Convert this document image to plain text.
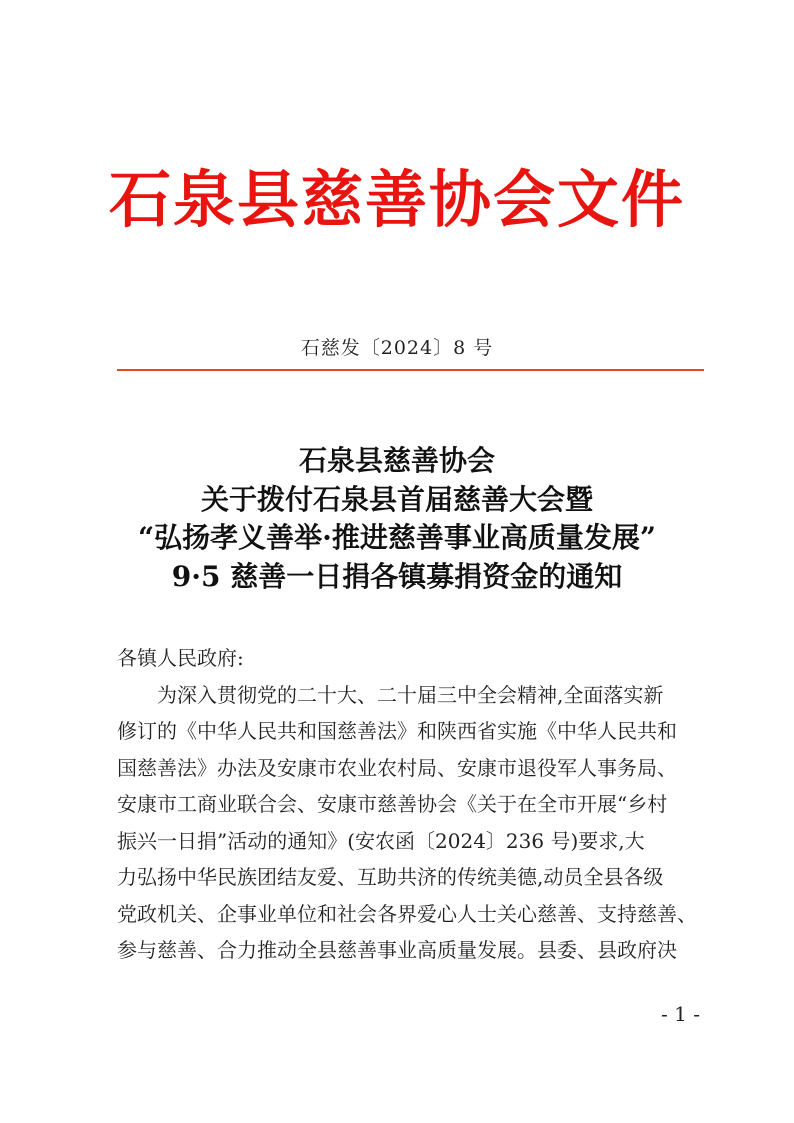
石泉县慈善协会文件
石慈发〔2024〕8 号
石泉县慈善协会
关于拨付石泉县首届慈善大会暨
“弘扬孝义善举·推进慈善事业高质量发展”
9·5 慈善一日捐各镇募捐资金的通知

各镇人民政府:

为深入贯彻党的二十大、二十届三中全会精神,全面落实新

修订的《中华人民共和国慈善法》和陕西省实施《中华人民共和

国慈善法》办法及安康市农业农村局、安康市退役军人事务局、

安康市工商业联合会、安康市慈善协会《关于在全市开展“乡村

振兴一日捐”活动的通知》(安农函〔2024〕236 号)要求,大

力弘扬中华民族团结友爱、互助共济的传统美德,动员全县各级

党政机关、企事业单位和社会各界爱心人士关心慈善、支持慈善、

参与慈善、合力推动全县慈善事业高质量发展。县委、县政府决

- 1 -
